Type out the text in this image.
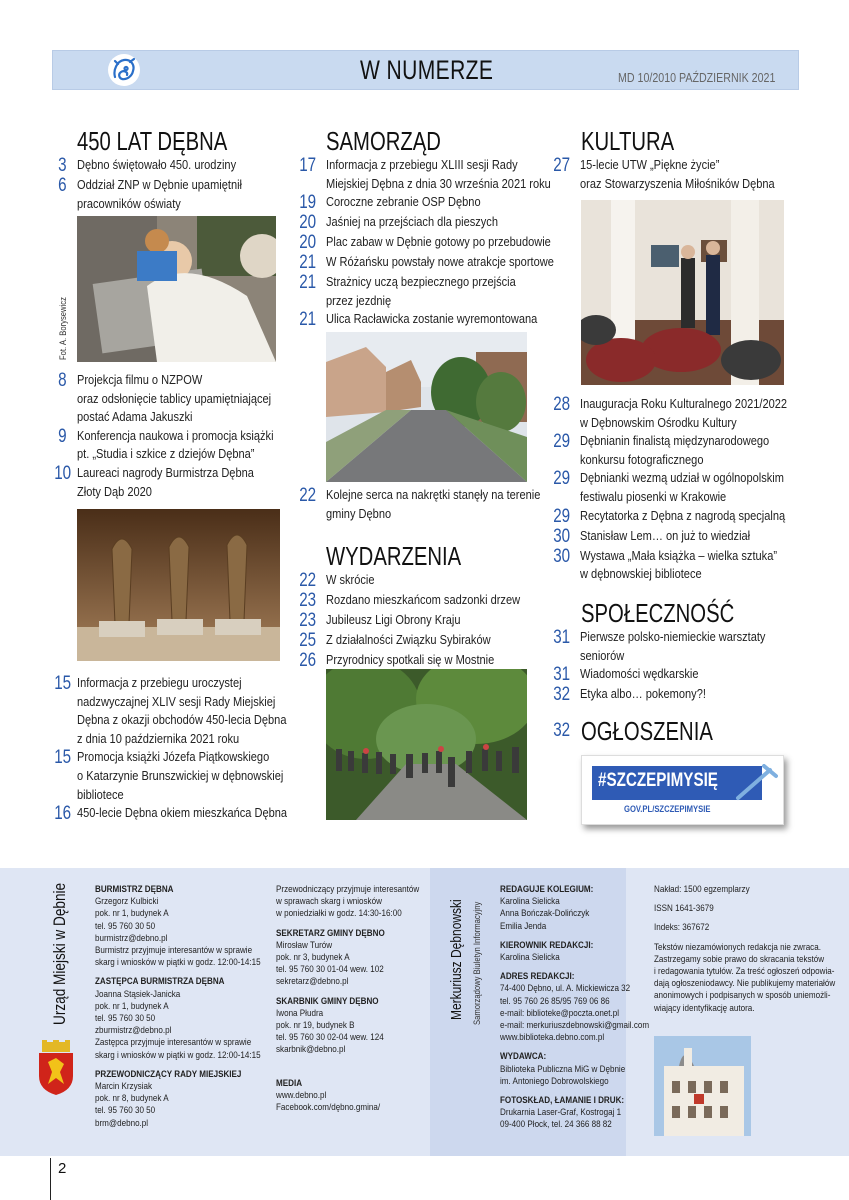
W NUMERZE	MD 10/2010 PAŹDZIERNIK 2021
450 LAT DĘBNA
3 Dębno świętowało 450. urodziny
6 Oddział ZNP w Dębnie upamiętnił
pracowników oświaty
Fot. A. Borysewicz
8 Projekcja filmu o NZPOW
oraz odsłonięcie tablicy upamiętniającej
postać Adama Jakuszki
9 Konferencja naukowa i promocja książki
pt. „Studia i szkice z dziejów Dębna”
10 Laureaci nagrody Burmistrza Dębna
Złoty Dąb 2020
15 Informacja z przebiegu uroczystej
nadzwyczajnej XLIV sesji Rady Miejskiej
Dębna z okazji obchodów 450-lecia Dębna
z dnia 10 października 2021 roku
15 Promocja książki Józefa Piątkowskiego
o Katarzynie Brunszwickiej w dębnowskiej
bibliotece
16 450-lecie Dębna okiem mieszkańca Dębna
SAMORZĄD
17 Informacja z przebiegu XLIII sesji Rady
Miejskiej Dębna z dnia 30 września 2021 roku
19 Coroczne zebranie OSP Dębno
20 Jaśniej na przejściach dla pieszych
20 Plac zabaw w Dębnie gotowy po przebudowie
21 W Różańsku powstały nowe atrakcje sportowe
21 Strażnicy uczą bezpiecznego przejścia
przez jezdnię
21 Ulica Racławicka zostanie wyremontowana
22 Kolejne serca na nakrętki stanęły na terenie
gminy Dębno
WYDARZENIA
22 W skrócie
23 Rozdano mieszkańcom sadzonki drzew
23 Jubileusz Ligi Obrony Kraju
25 Z działalności Związku Sybiraków
26 Przyrodnicy spotkali się w Mostnie
KULTURA
27 15-lecie UTW „Piękne życie”
oraz Stowarzyszenia Miłośników Dębna
28 Inauguracja Roku Kulturalnego 2021/2022
w Dębnowskim Ośrodku Kultury
29 Dębnianin finalistą międzynarodowego
konkursu fotograficznego
29 Dębnianki wezmą udział w ogólnopolskim
festiwalu piosenki w Krakowie
29 Recytatorka z Dębna z nagrodą specjalną
30 Stanisław Lem… on już to wiedział
30 Wystawa „Mała książka – wielka sztuka”
w dębnowskiej bibliotece
SPOŁECZNOŚĆ
31 Pierwsze polsko-niemieckie warsztaty
seniorów
31 Wiadomości wędkarskie
32 Etyka albo… pokemony?!
32 OGŁOSZENIA
#SZCZEPIMYSIĘ
GOV.PL/SZCZEPIMYSIE
Urząd Miejski w Dębnie	BURMISTRZ DĘBNA
Grzegorz Kulbicki
pok. nr 1, budynek A
tel. 95 760 30 50
burmistrz@debno.pl
Burmistrz przyjmuje interesantów w sprawie
skarg i wniosków w piątki w godz. 12:00-14:15
ZASTĘPCA BURMISTRZA DĘBNA
Joanna Stąsiek-Janicka
pok. nr 1, budynek A
tel. 95 760 30 50
zburmistrz@debno.pl
Zastępca przyjmuje interesantów w sprawie
skarg i wniosków w piątki w godz. 12:00-14:15
PRZEWODNICZĄCY RADY MIEJSKIEJ
Marcin Krzysiak
pok. nr 8, budynek A
tel. 95 760 30 50
brm@debno.pl
Przewodniczący przyjmuje interesantów
w sprawach skarg i wniosków
w poniedziałki w godz. 14:30-16:00
SEKRETARZ GMINY DĘBNO
Mirosław Turów
pok. nr 3, budynek A
tel. 95 760 30 01-04 wew. 102
sekretarz@debno.pl
SKARBNIK GMINY DĘBNO
Iwona Płudra
pok. nr 19, budynek B
tel. 95 760 30 02-04 wew. 124
skarbnik@debno.pl
MEDIA
www.debno.pl
Facebook.com/dębno.gmina/
Merkuriusz Dębnowski Samorządowy Biuletyn Informacyjny
REDAGUJE KOLEGIUM:
Karolina Sielicka
Anna Bończak-Dolińczyk
Emilia Jenda
KIEROWNIK REDAKCJI:
Karolina Sielicka
ADRES REDAKCJI:
74-400 Dębno, ul. A. Mickiewicza 32
tel. 95 760 26 85/95 769 06 86
e-mail: biblioteke@poczta.onet.pl
e-mail: merkuriuszdebnowski@gmail.com
www.biblioteka.debno.com.pl
WYDAWCA:
Biblioteka Publiczna MiG w Dębnie
im. Antoniego Dobrowolskiego
FOTOSKŁAD, ŁAMANIE I DRUK:
Drukarnia Laser-Graf, Kostrogaj 1
09-400 Płock, tel. 24 366 88 82
Nakład: 1500 egzemplarzy
ISSN 1641-3679
Indeks: 367672
Tekstów niezamówionych redakcja nie zwraca.
Zastrzegamy sobie prawo do skracania tekstów
i redagowania tytułów. Za treść ogłoszeń odpowia-
dają ogłoszeniodawcy. Nie publikujemy materiałów
anonimowych i podpisanych w sposób uniemożli-
wiający identyfikację autora.
2
